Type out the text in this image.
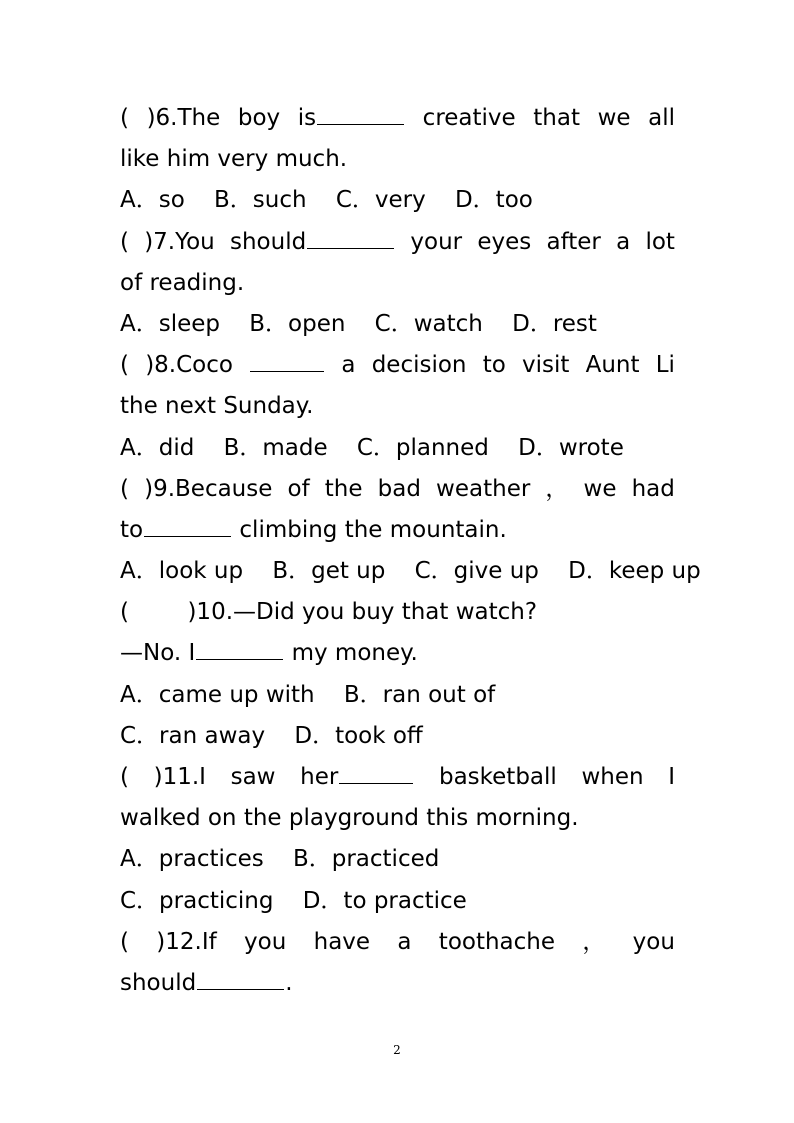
( )6.The boy is	creative that we all
like him very much.
A．so    B．such    C．very    D．too
( )7.You should	your eyes after a lot
of reading.
A．sleep    B．open    C．watch    D．rest
( )8.Coco	a decision to visit Aunt Li
the next Sunday.
A．did    B．made    C．planned    D．wrote
( )9.Because of the bad weather ， we had
to	climbing the mountain.
A．look up    B．get up    C．give up    D．keep up
(        )10.—Did you buy that watch?
—No. I	my money.
A．came up with    B．ran out of
C．ran away    D．took off
( )11.I saw her	basketball when I
walked on the playground this morning.
A．practices    B．practiced
C．practicing    D．to practice
( )12.If you have a toothache ， you
should	.
2
